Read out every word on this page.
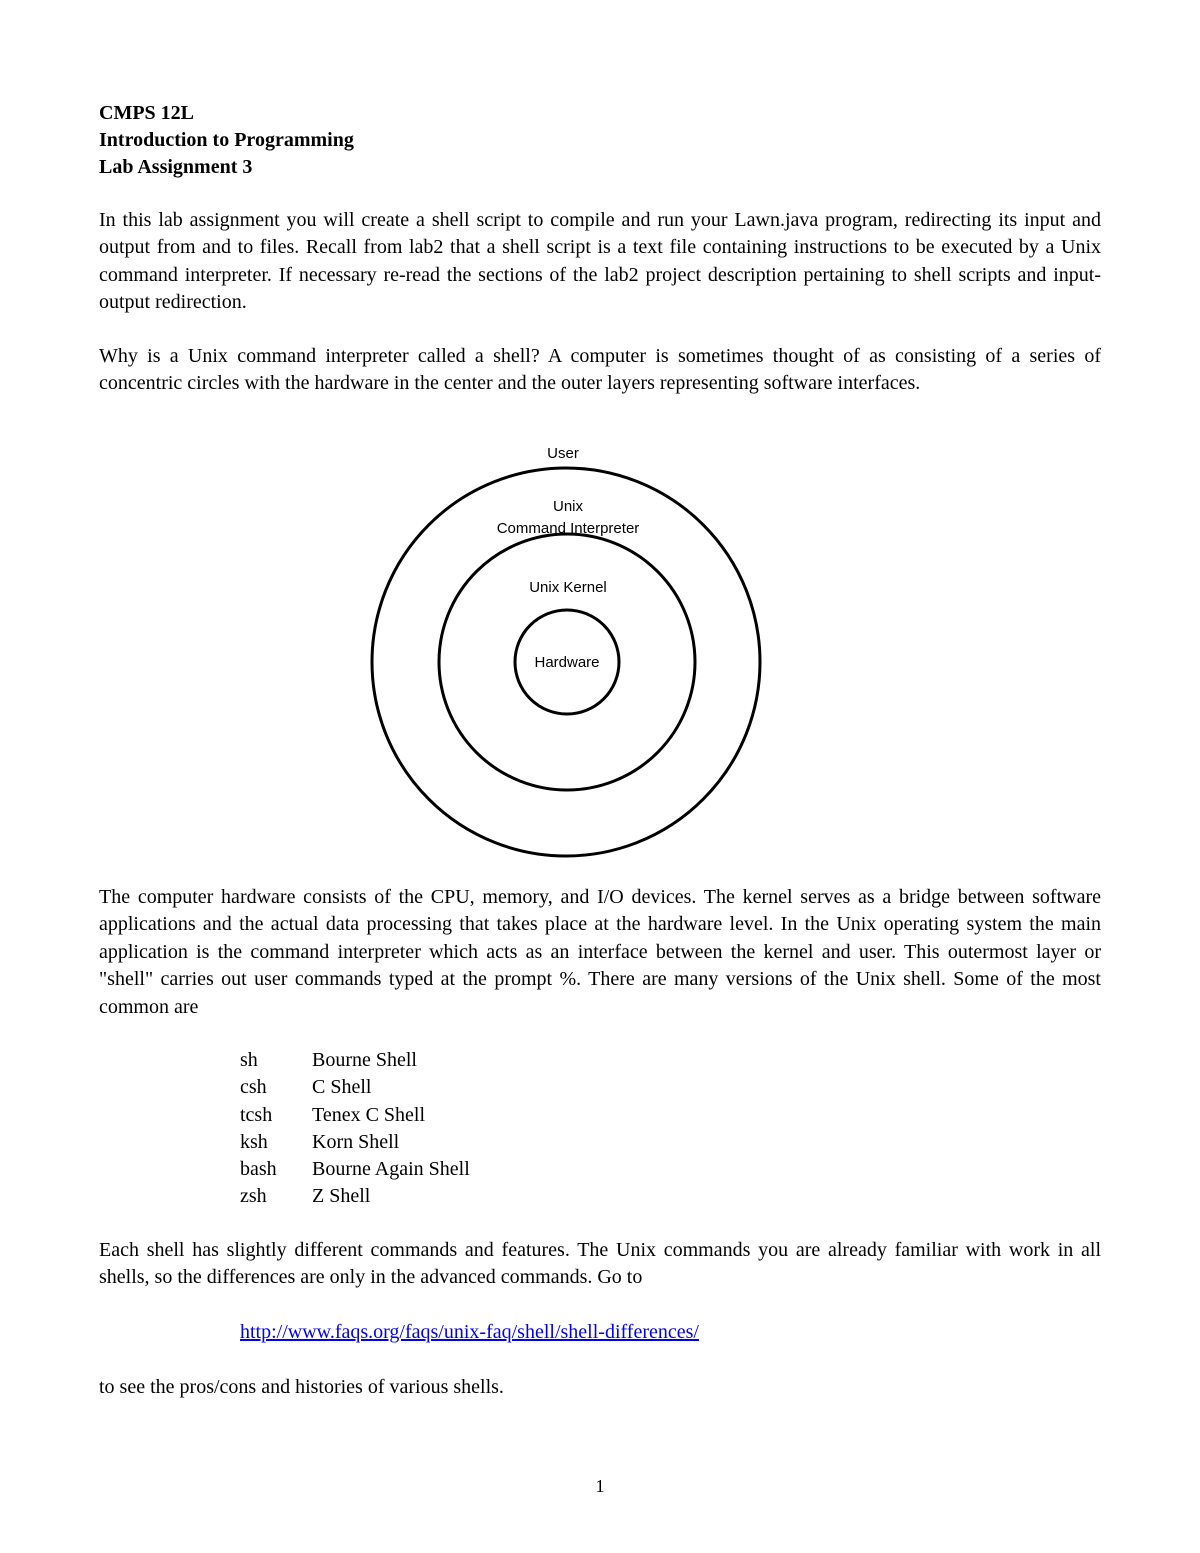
CMPS 12L
Introduction to Programming
Lab Assignment 3
In this lab assignment you will create a shell script to compile and run your Lawn.java program, redirecting its input and output from and to files. Recall from lab2 that a shell script is a text file containing instructions to be executed by a Unix command interpreter. If necessary re-read the sections of the lab2 project description pertaining to shell scripts and input-output redirection.
Why is a Unix command interpreter called a shell? A computer is sometimes thought of as consisting of a series of concentric circles with the hardware in the center and the outer layers representing software interfaces.
User
Unix
Command Interpreter
Unix Kernel
Hardware
The computer hardware consists of the CPU, memory, and I/O devices. The kernel serves as a bridge between software applications and the actual data processing that takes place at the hardware level. In the Unix operating system the main application is the command interpreter which acts as an interface between the kernel and user. This outermost layer or "shell" carries out user commands typed at the prompt %. There are many versions of the Unix shell. Some of the most common are
sh	Bourne Shell
csh	C Shell
tcsh	Tenex C Shell
ksh	Korn Shell
bash	Bourne Again Shell
zsh	Z Shell
Each shell has slightly different commands and features. The Unix commands you are already familiar with work in all shells, so the differences are only in the advanced commands. Go to
http://www.faqs.org/faqs/unix-faq/shell/shell-differences/
to see the pros/cons and histories of various shells.
1
